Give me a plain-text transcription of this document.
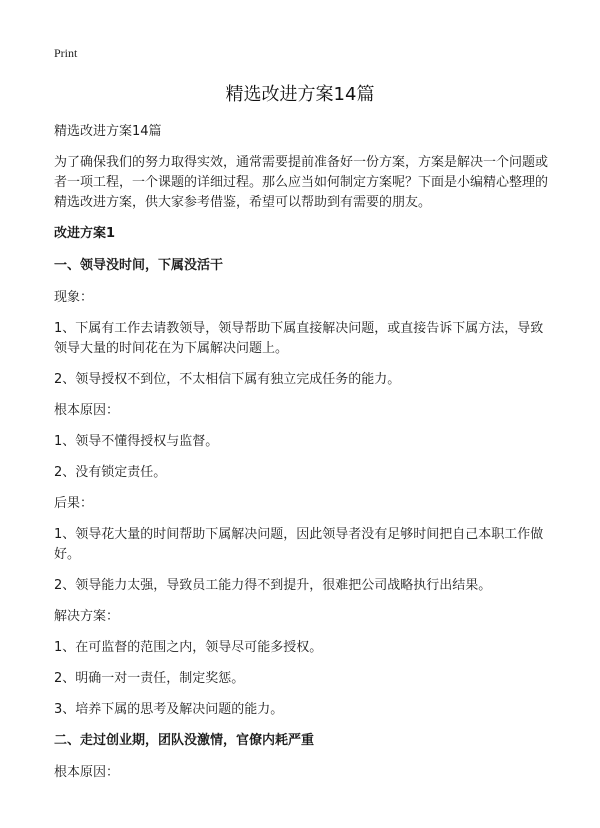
Print
精选改进方案14篇

精选改进方案14篇

为了确保我们的努力取得实效，通常需要提前准备好一份方案，方案是解决一个问题或者一项工程，一个课题的详细过程。那么应当如何制定方案呢？下面是小编精心整理的精选改进方案，供大家参考借鉴，希望可以帮助到有需要的朋友。

改进方案1

一、领导没时间，下属没活干

现象：

1、下属有工作去请教领导，领导帮助下属直接解决问题，或直接告诉下属方法，导致领导大量的时间花在为下属解决问题上。

2、领导授权不到位，不太相信下属有独立完成任务的能力。

根本原因：

1、领导不懂得授权与监督。

2、没有锁定责任。

后果：

1、领导花大量的时间帮助下属解决问题，因此领导者没有足够时间把自己本职工作做好。

2、领导能力太强，导致员工能力得不到提升，很难把公司战略执行出结果。

解决方案：

1、在可监督的范围之内，领导尽可能多授权。

2、明确一对一责任，制定奖惩。

3、培养下属的思考及解决问题的能力。

二、走过创业期，团队没激情，官僚内耗严重

根本原因：
